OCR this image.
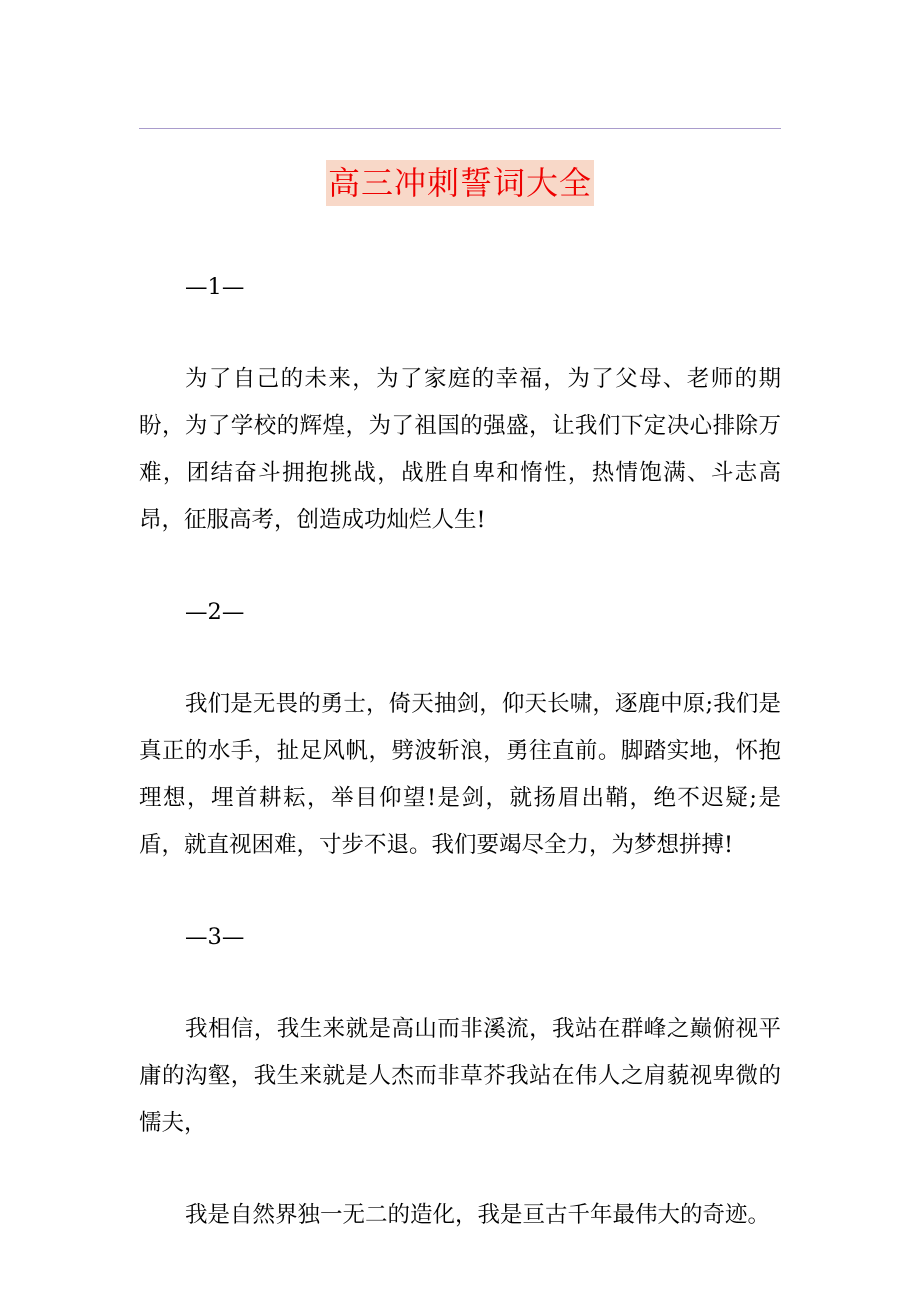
高三冲刺誓词大全
—1—

为了自己的未来，为了家庭的幸福，为了父母、老师的期盼，为了学校的辉煌，为了祖国的强盛，让我们下定决心排除万难，团结奋斗拥抱挑战，战胜自卑和惰性，热情饱满、斗志高昂，征服高考，创造成功灿烂人生!

—2—

我们是无畏的勇士，倚天抽剑，仰天长啸，逐鹿中原;我们是真正的水手，扯足风帆，劈波斩浪，勇往直前。脚踏实地，怀抱理想，埋首耕耘，举目仰望!是剑，就扬眉出鞘，绝不迟疑;是盾，就直视困难，寸步不退。我们要竭尽全力，为梦想拼搏!

—3—

我相信，我生来就是高山而非溪流，我站在群峰之巅俯视平庸的沟壑，我生来就是人杰而非草芥我站在伟人之肩藐视卑微的懦夫，

我是自然界独一无二的造化，我是亘古千年最伟大的奇迹。
